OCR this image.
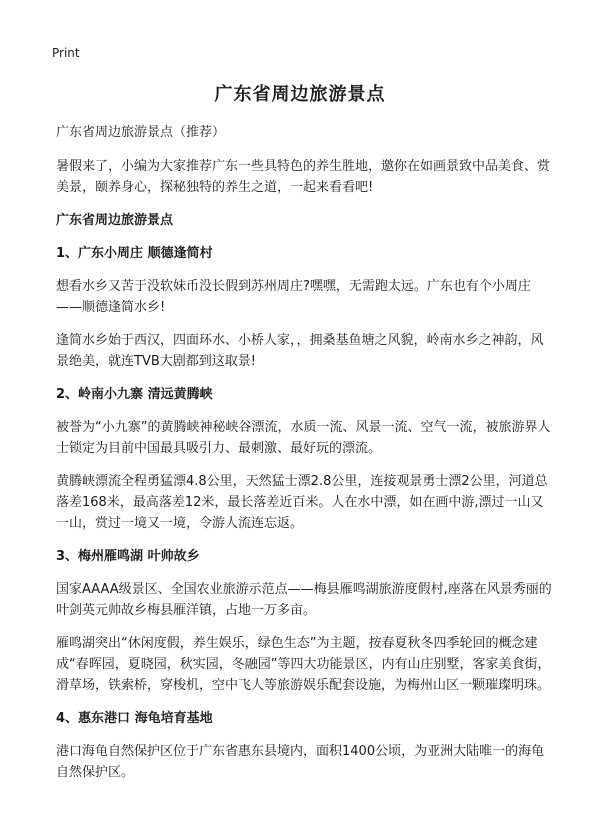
Print
广东省周边旅游景点

广东省周边旅游景点（推荐）

暑假来了，小编为大家推荐广东一些具特色的养生胜地，邀你在如画景致中品美食、赏美景，颐养身心，探秘独特的养生之道，一起来看看吧!

广东省周边旅游景点
1、广东小周庄 顺德逢简村

想看水乡又苦于没软妹币没长假到苏州周庄?嘿嘿，无需跑太远。广东也有个小周庄——顺德逢简水乡!

逢简水乡始于西汉，四面环水、小桥人家，，拥桑基鱼塘之风貌，岭南水乡之神韵，风景绝美，就连TVB大剧都到这取景!

2、岭南小九寨 清远黄腾峡

被誉为“小九寨”的黄腾峡神秘峡谷漂流，水质一流、风景一流、空气一流，被旅游界人士锁定为目前中国最具吸引力、最刺激、最好玩的漂流。

黄腾峡漂流全程勇猛漂4.8公里，天然猛士漂2.8公里，连接观景勇士漂2公里，河道总落差168米，最高落差12米，最长落差近百米。人在水中漂，如在画中游,漂过一山又一山，赏过一境又一境，令游人流连忘返。

3、梅州雁鸣湖 叶帅故乡

国家AAAA级景区、全国农业旅游示范点——梅县雁鸣湖旅游度假村,座落在风景秀丽的叶剑英元帅故乡梅县雁洋镇，占地一万多亩。

雁鸣湖突出“休闲度假，养生娱乐，绿色生态”为主题，按春夏秋冬四季轮回的概念建成“春晖园，夏晓园，秋实园，冬融园”等四大功能景区，内有山庄别墅，客家美食街，滑草场，铁索桥，穿梭机，空中飞人等旅游娱乐配套设施，为梅州山区一颗璀璨明珠。

4、惠东港口 海龟培育基地

港口海龟自然保护区位于广东省惠东县境内，面积1400公顷，为亚洲大陆唯一的海龟自然保护区。
